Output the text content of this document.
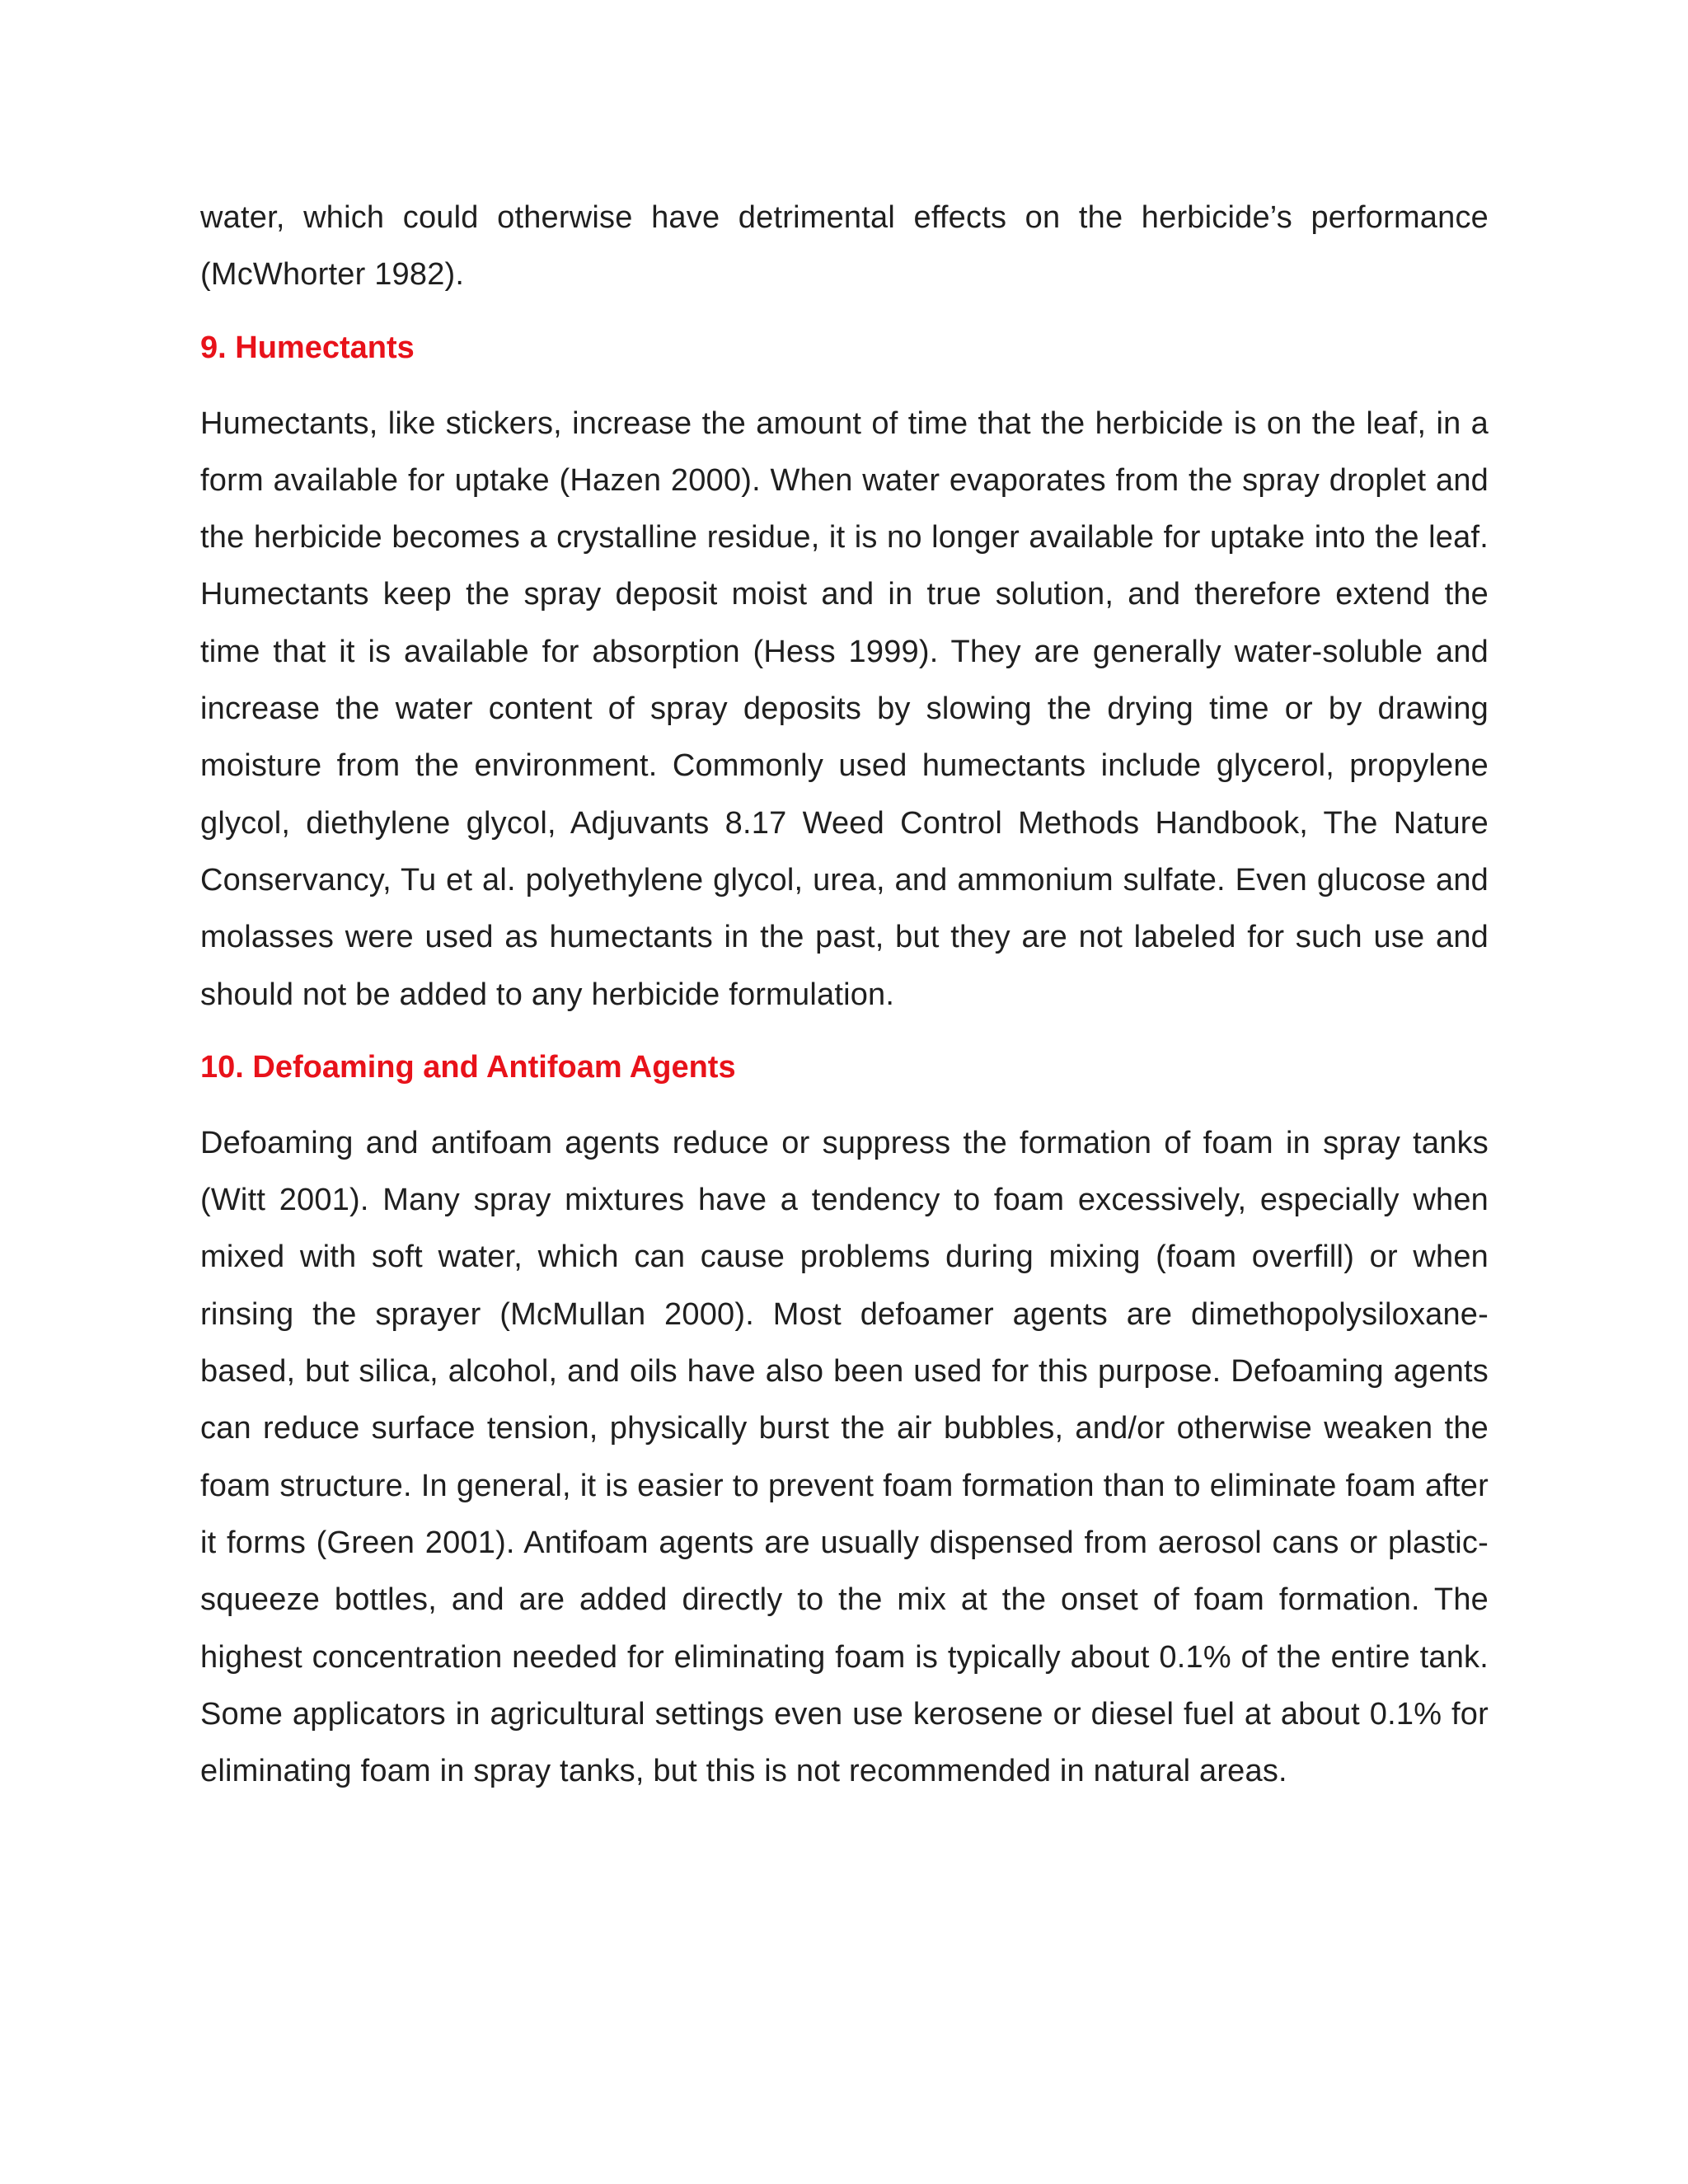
water, which could otherwise have detrimental effects on the herbicide’s performance (McWhorter 1982).

9. Humectants

Humectants, like stickers, increase the amount of time that the herbicide is on the leaf, in a form available for uptake (Hazen 2000). When water evaporates from the spray droplet and the herbicide becomes a crystalline residue, it is no longer available for uptake into the leaf. Humectants keep the spray deposit moist and in true solution, and therefore extend the time that it is available for absorption (Hess 1999). They are generally water-soluble and increase the water content of spray deposits by slowing the drying time or by drawing moisture from the environment. Commonly used humectants include glycerol, propylene glycol, diethylene glycol, Adjuvants 8.17 Weed Control Methods Handbook, The Nature Conservancy, Tu et al. polyethylene glycol, urea, and ammonium sulfate. Even glucose and molasses were used as humectants in the past, but they are not labeled for such use and should not be added to any herbicide formulation.

10. Defoaming and Antifoam Agents

Defoaming and antifoam agents reduce or suppress the formation of foam in spray tanks (Witt 2001). Many spray mixtures have a tendency to foam excessively, especially when mixed with soft water, which can cause problems during mixing (foam overfill) or when rinsing the sprayer (McMullan 2000). Most defoamer agents are dimethopolysiloxane-based, but silica, alcohol, and oils have also been used for this purpose. Defoaming agents can reduce surface tension, physically burst the air bubbles, and/or otherwise weaken the foam structure. In general, it is easier to prevent foam formation than to eliminate foam after it forms (Green 2001). Antifoam agents are usually dispensed from aerosol cans or plastic-squeeze bottles, and are added directly to the mix at the onset of foam formation. The highest concentration needed for eliminating foam is typically about 0.1% of the entire tank. Some applicators in agricultural settings even use kerosene or diesel fuel at about 0.1% for eliminating foam in spray tanks, but this is not recommended in natural areas.
